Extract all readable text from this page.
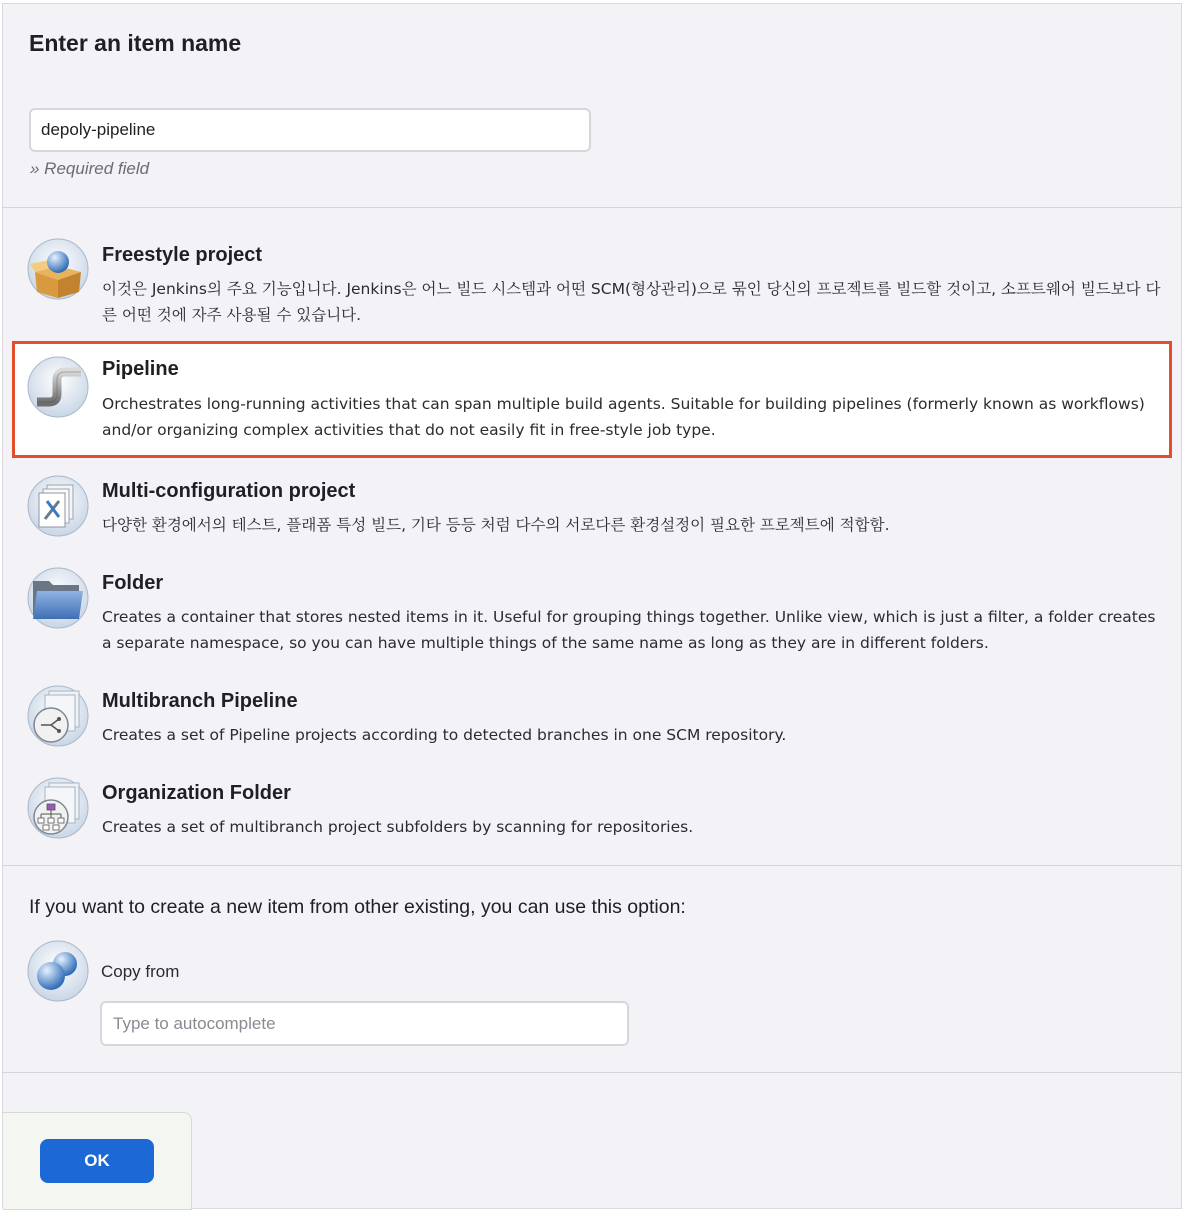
Enter an item name
depoly-pipeline
» Required field
Freestyle project
이것은 Jenkins의 주요 기능입니다. Jenkins은 어느 빌드 시스템과 어떤 SCM(형상관리)으로 묶인 당신의 프로젝트를 빌드할 것이고, 소프트웨어 빌드보다 다른 어떤 것에 자주 사용될 수 있습니다.
Pipeline
Orchestrates long-running activities that can span multiple build agents. Suitable for building pipelines (formerly known as workflows) and/or organizing complex activities that do not easily fit in free-style job type.
Multi-configuration project
다양한 환경에서의 테스트, 플래폼 특성 빌드, 기타 등등 처럼 다수의 서로다른 환경설정이 필요한 프로젝트에 적합함.
Folder
Creates a container that stores nested items in it. Useful for grouping things together. Unlike view, which is just a filter, a folder creates a separate namespace, so you can have multiple things of the same name as long as they are in different folders.
Multibranch Pipeline
Creates a set of Pipeline projects according to detected branches in one SCM repository.
Organization Folder
Creates a set of multibranch project subfolders by scanning for repositories.
If you want to create a new item from other existing, you can use this option:
Copy from
Type to autocomplete
OK
